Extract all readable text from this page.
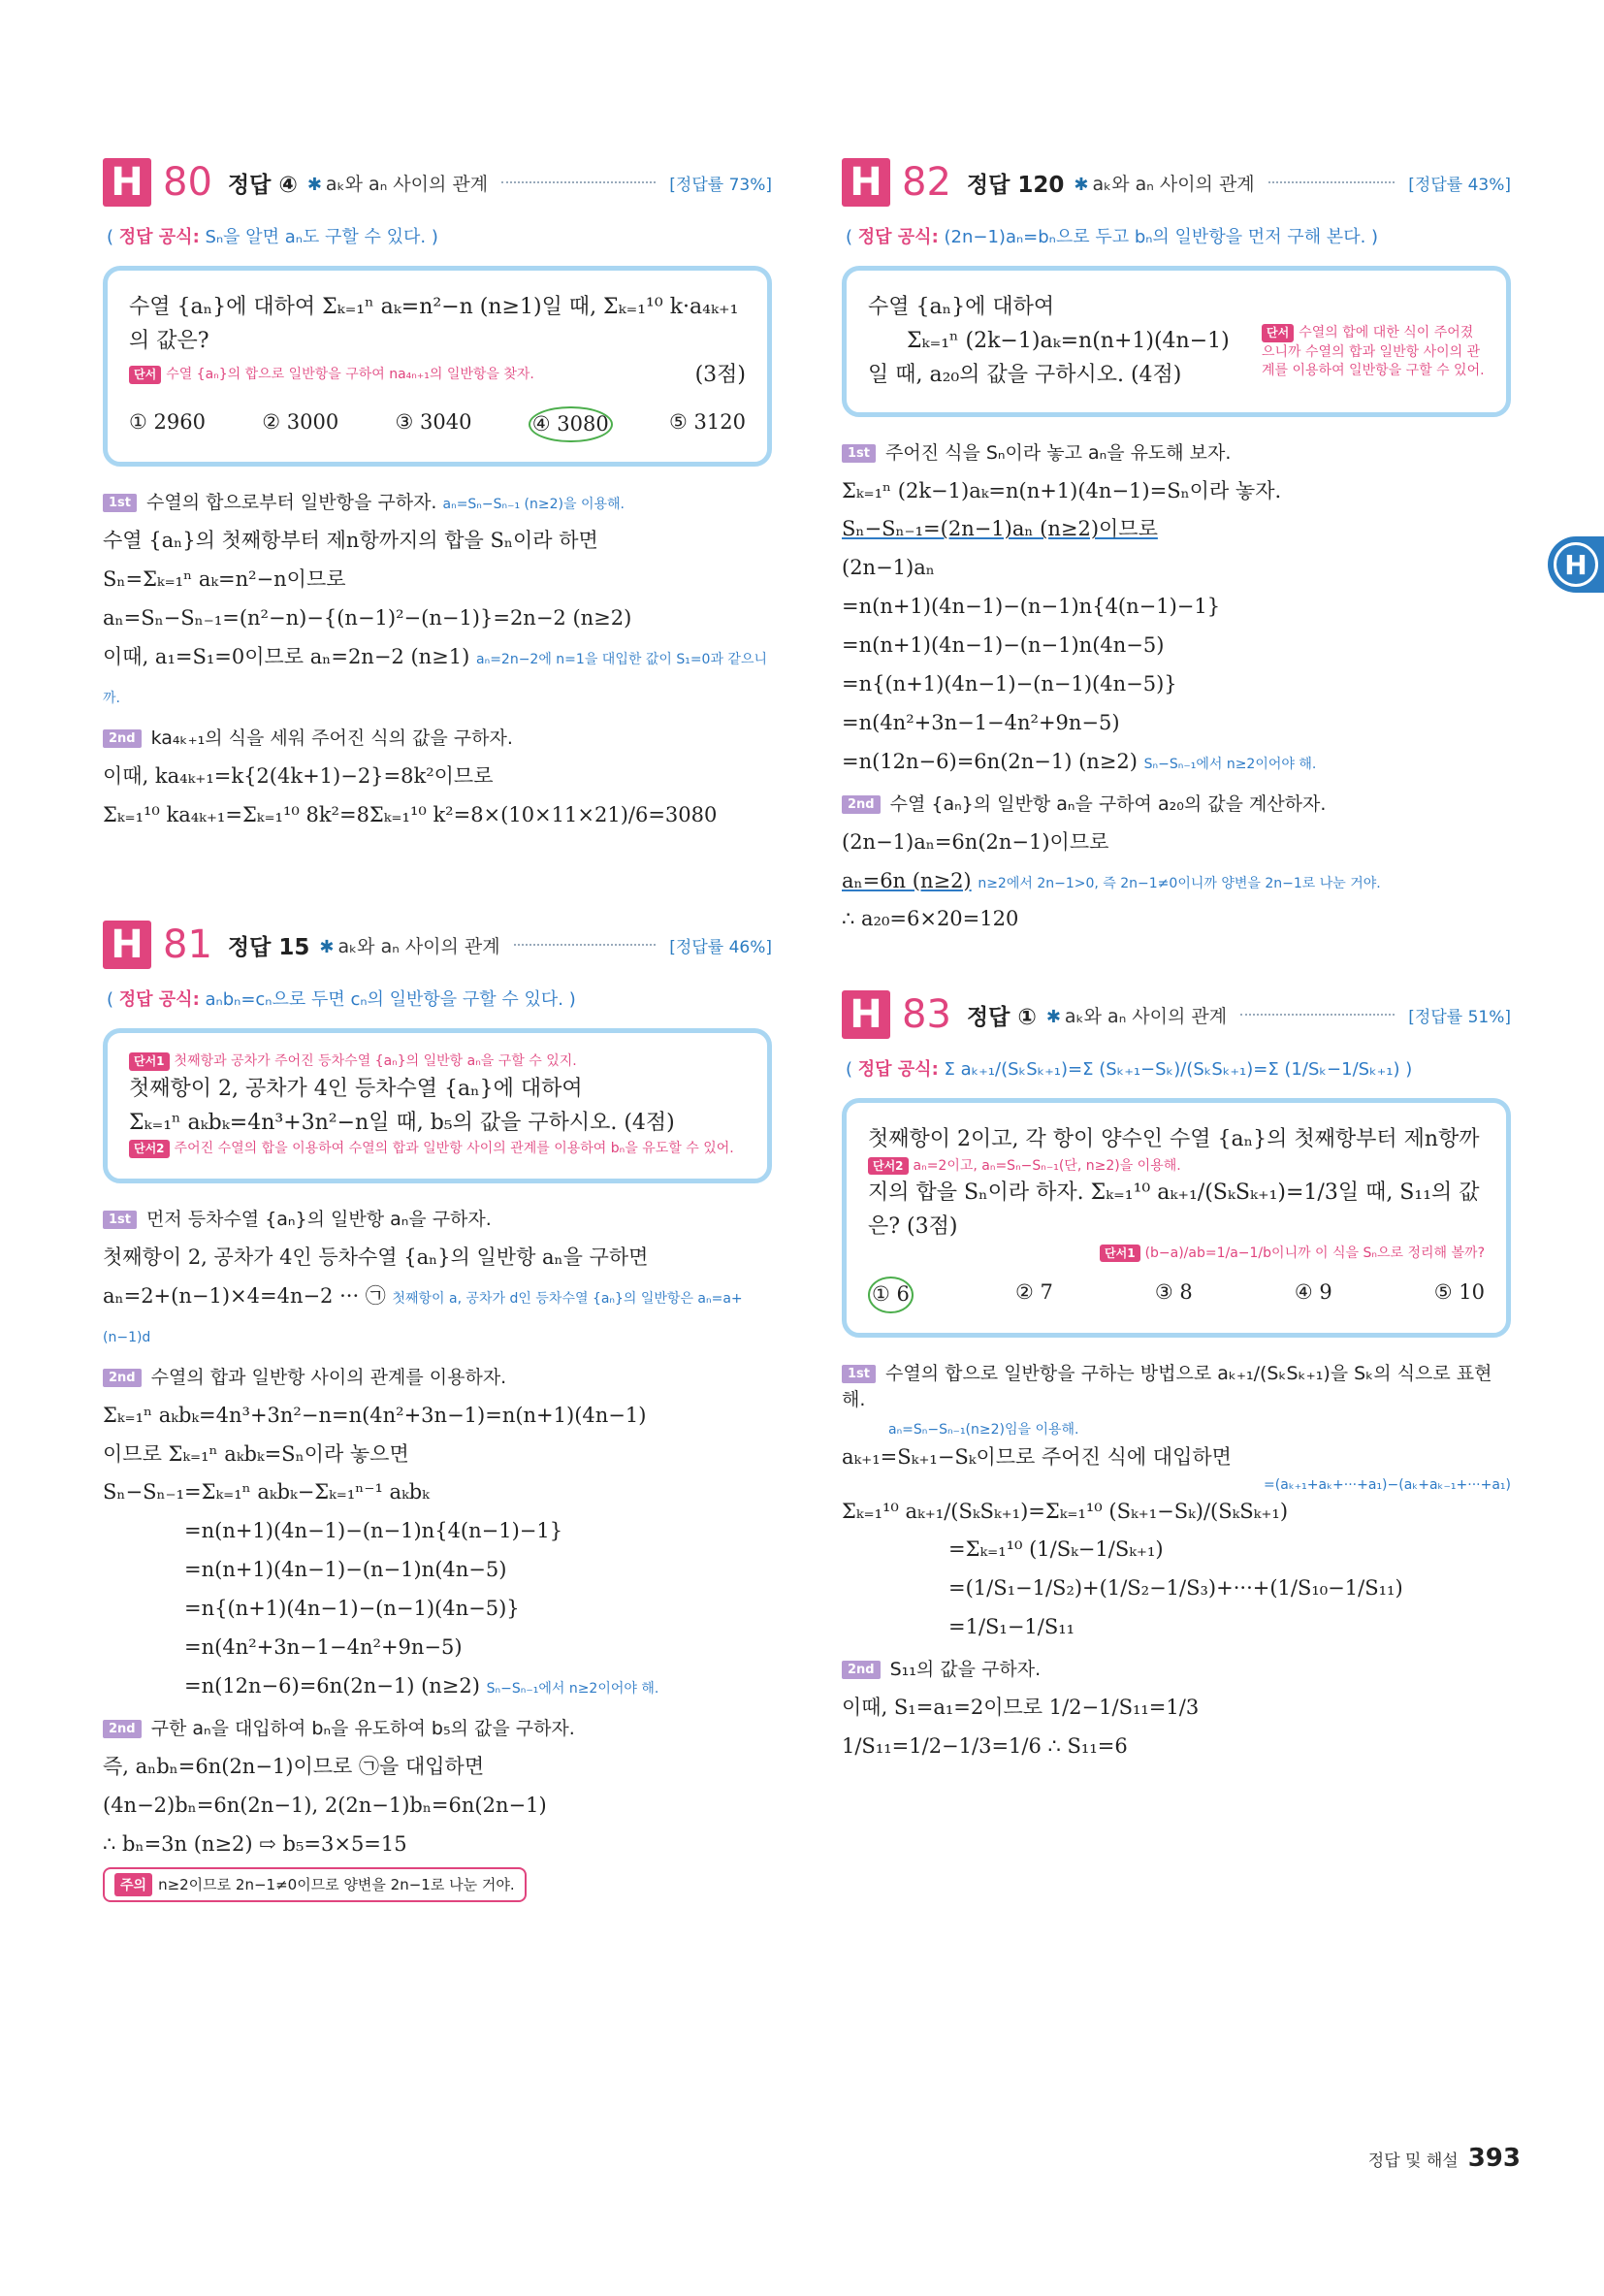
H 80 정답 ④ ✱ aₖ와 aₙ 사이의 관계	[정답률 73%]
( 정답 공식: Sₙ을 알면 aₙ도 구할 수 있다. )
수열 {aₙ}에 대하여 Σₖ₌₁ⁿ aₖ=n²−n (n≥1)일 때, Σₖ₌₁¹⁰ k·a₄ₖ₊₁의 값은?
단서 수열 {aₙ}의 합으로 일반항을 구하여 na₄ₙ₊₁의 일반항을 찾자.	(3점)
① 2960	② 3000	③ 3040	④ 3080	⑤ 3120
1st 수열의 합으로부터 일반항을 구하자. aₙ=Sₙ−Sₙ₋₁ (n≥2)을 이용해.
수열 {aₙ}의 첫째항부터 제n항까지의 합을 Sₙ이라 하면
Sₙ=Σₖ₌₁ⁿ aₖ=n²−n이므로
aₙ=Sₙ−Sₙ₋₁=(n²−n)−{(n−1)²−(n−1)}=2n−2 (n≥2)
이때, a₁=S₁=0이므로 aₙ=2n−2 (n≥1) aₙ=2n−2에 n=1을 대입한 값이 S₁=0과 같으니까.
2nd ka₄ₖ₊₁의 식을 세워 주어진 식의 값을 구하자.
이때, ka₄ₖ₊₁=k{2(4k+1)−2}=8k²이므로
Σₖ₌₁¹⁰ ka₄ₖ₊₁=Σₖ₌₁¹⁰ 8k²=8Σₖ₌₁¹⁰ k²=8×(10×11×21)/6=3080
H 81 정답 15 ✱ aₖ와 aₙ 사이의 관계	[정답률 46%]
( 정답 공식: aₙbₙ=cₙ으로 두면 cₙ의 일반항을 구할 수 있다. )
단서1 첫째항과 공차가 주어진 등차수열 {aₙ}의 일반항 aₙ을 구할 수 있지.
첫째항이 2, 공차가 4인 등차수열 {aₙ}에 대하여
Σₖ₌₁ⁿ aₖbₖ=4n³+3n²−n일 때, b₅의 값을 구하시오. (4점)
단서2 주어진 수열의 합을 이용하여 수열의 합과 일반항 사이의 관계를 이용하여 bₙ을 유도할 수 있어.
1st 먼저 등차수열 {aₙ}의 일반항 aₙ을 구하자.
첫째항이 2, 공차가 4인 등차수열 {aₙ}의 일반항 aₙ을 구하면
aₙ=2+(n−1)×4=4n−2 ··· ㉠ 첫째항이 a, 공차가 d인 등차수열 {aₙ}의 일반항은 aₙ=a+(n−1)d
2nd 수열의 합과 일반항 사이의 관계를 이용하자.
Σₖ₌₁ⁿ aₖbₖ=4n³+3n²−n=n(4n²+3n−1)=n(n+1)(4n−1)
이므로 Σₖ₌₁ⁿ aₖbₖ=Sₙ이라 놓으면
Sₙ−Sₙ₋₁=Σₖ₌₁ⁿ aₖbₖ−Σₖ₌₁ⁿ⁻¹ aₖbₖ
=n(n+1)(4n−1)−(n−1)n{4(n−1)−1}
=n(n+1)(4n−1)−(n−1)n(4n−5)
=n{(n+1)(4n−1)−(n−1)(4n−5)}
=n(4n²+3n−1−4n²+9n−5)
=n(12n−6)=6n(2n−1) (n≥2) Sₙ−Sₙ₋₁에서 n≥2이어야 해.
2nd 구한 aₙ을 대입하여 bₙ을 유도하여 b₅의 값을 구하자.
즉, aₙbₙ=6n(2n−1)이므로 ㉠을 대입하면
(4n−2)bₙ=6n(2n−1), 2(2n−1)bₙ=6n(2n−1)
∴ bₙ=3n (n≥2) ⇨ b₅=3×5=15
주의 n≥2이므로 2n−1≠0이므로 양변을 2n−1로 나눈 거야.
H 82 정답 120 ✱ aₖ와 aₙ 사이의 관계	[정답률 43%]
( 정답 공식: (2n−1)aₙ=bₙ으로 두고 bₙ의 일반항을 먼저 구해 본다. )
수열 {aₙ}에 대하여
Σₖ₌₁ⁿ (2k−1)aₖ=n(n+1)(4n−1)
일 때, a₂₀의 값을 구하시오. (4점)
단서 수열의 합에 대한 식이 주어졌으니까 수열의 합과 일반항 사이의 관계를 이용하여 일반항을 구할 수 있어.
1st 주어진 식을 Sₙ이라 놓고 aₙ을 유도해 보자.
Σₖ₌₁ⁿ (2k−1)aₖ=n(n+1)(4n−1)=Sₙ이라 놓자.
Sₙ−Sₙ₋₁=(2n−1)aₙ (n≥2)이므로
(2n−1)aₙ
=n(n+1)(4n−1)−(n−1)n{4(n−1)−1}
=n(n+1)(4n−1)−(n−1)n(4n−5)
=n{(n+1)(4n−1)−(n−1)(4n−5)}
=n(4n²+3n−1−4n²+9n−5)
=n(12n−6)=6n(2n−1) (n≥2) Sₙ−Sₙ₋₁에서 n≥2이어야 해.
2nd 수열 {aₙ}의 일반항 aₙ을 구하여 a₂₀의 값을 계산하자.
(2n−1)aₙ=6n(2n−1)이므로
aₙ=6n (n≥2) n≥2에서 2n−1>0, 즉 2n−1≠0이니까 양변을 2n−1로 나눈 거야.
∴ a₂₀=6×20=120
H 83 정답 ① ✱ aₖ와 aₙ 사이의 관계	[정답률 51%]
( 정답 공식: Σ aₖ₊₁/(SₖSₖ₊₁)=Σ (Sₖ₊₁−Sₖ)/(SₖSₖ₊₁)=Σ (1/Sₖ−1/Sₖ₊₁) )
첫째항이 2이고, 각 항이 양수인 수열 {aₙ}의 첫째항부터 제n항까
단서2 aₙ=2이고, aₙ=Sₙ−Sₙ₋₁(단, n≥2)을 이용해.
지의 합을 Sₙ이라 하자. Σₖ₌₁¹⁰ aₖ₊₁/(SₖSₖ₊₁)=1/3일 때, S₁₁의 값은? (3점)
단서1 (b−a)/ab=1/a−1/b이니까 이 식을 Sₙ으로 정리해 볼까?
① 6	② 7	③ 8	④ 9	⑤ 10
1st 수열의 합으로 일반항을 구하는 방법으로 aₖ₊₁/(SₖSₖ₊₁)을 Sₖ의 식으로 표현해.
aₙ=Sₙ−Sₙ₋₁(n≥2)임을 이용해.
aₖ₊₁=Sₖ₊₁−Sₖ이므로 주어진 식에 대입하면
=(aₖ₊₁+aₖ+···+a₁)−(aₖ+aₖ₋₁+···+a₁)
Σₖ₌₁¹⁰ aₖ₊₁/(SₖSₖ₊₁)=Σₖ₌₁¹⁰ (Sₖ₊₁−Sₖ)/(SₖSₖ₊₁)
=Σₖ₌₁¹⁰ (1/Sₖ−1/Sₖ₊₁)
=(1/S₁−1/S₂)+(1/S₂−1/S₃)+···+(1/S₁₀−1/S₁₁)
=1/S₁−1/S₁₁
2nd S₁₁의 값을 구하자.
이때, S₁=a₁=2이므로 1/2−1/S₁₁=1/3
1/S₁₁=1/2−1/3=1/6 ∴ S₁₁=6
H
정답 및 해설 393
